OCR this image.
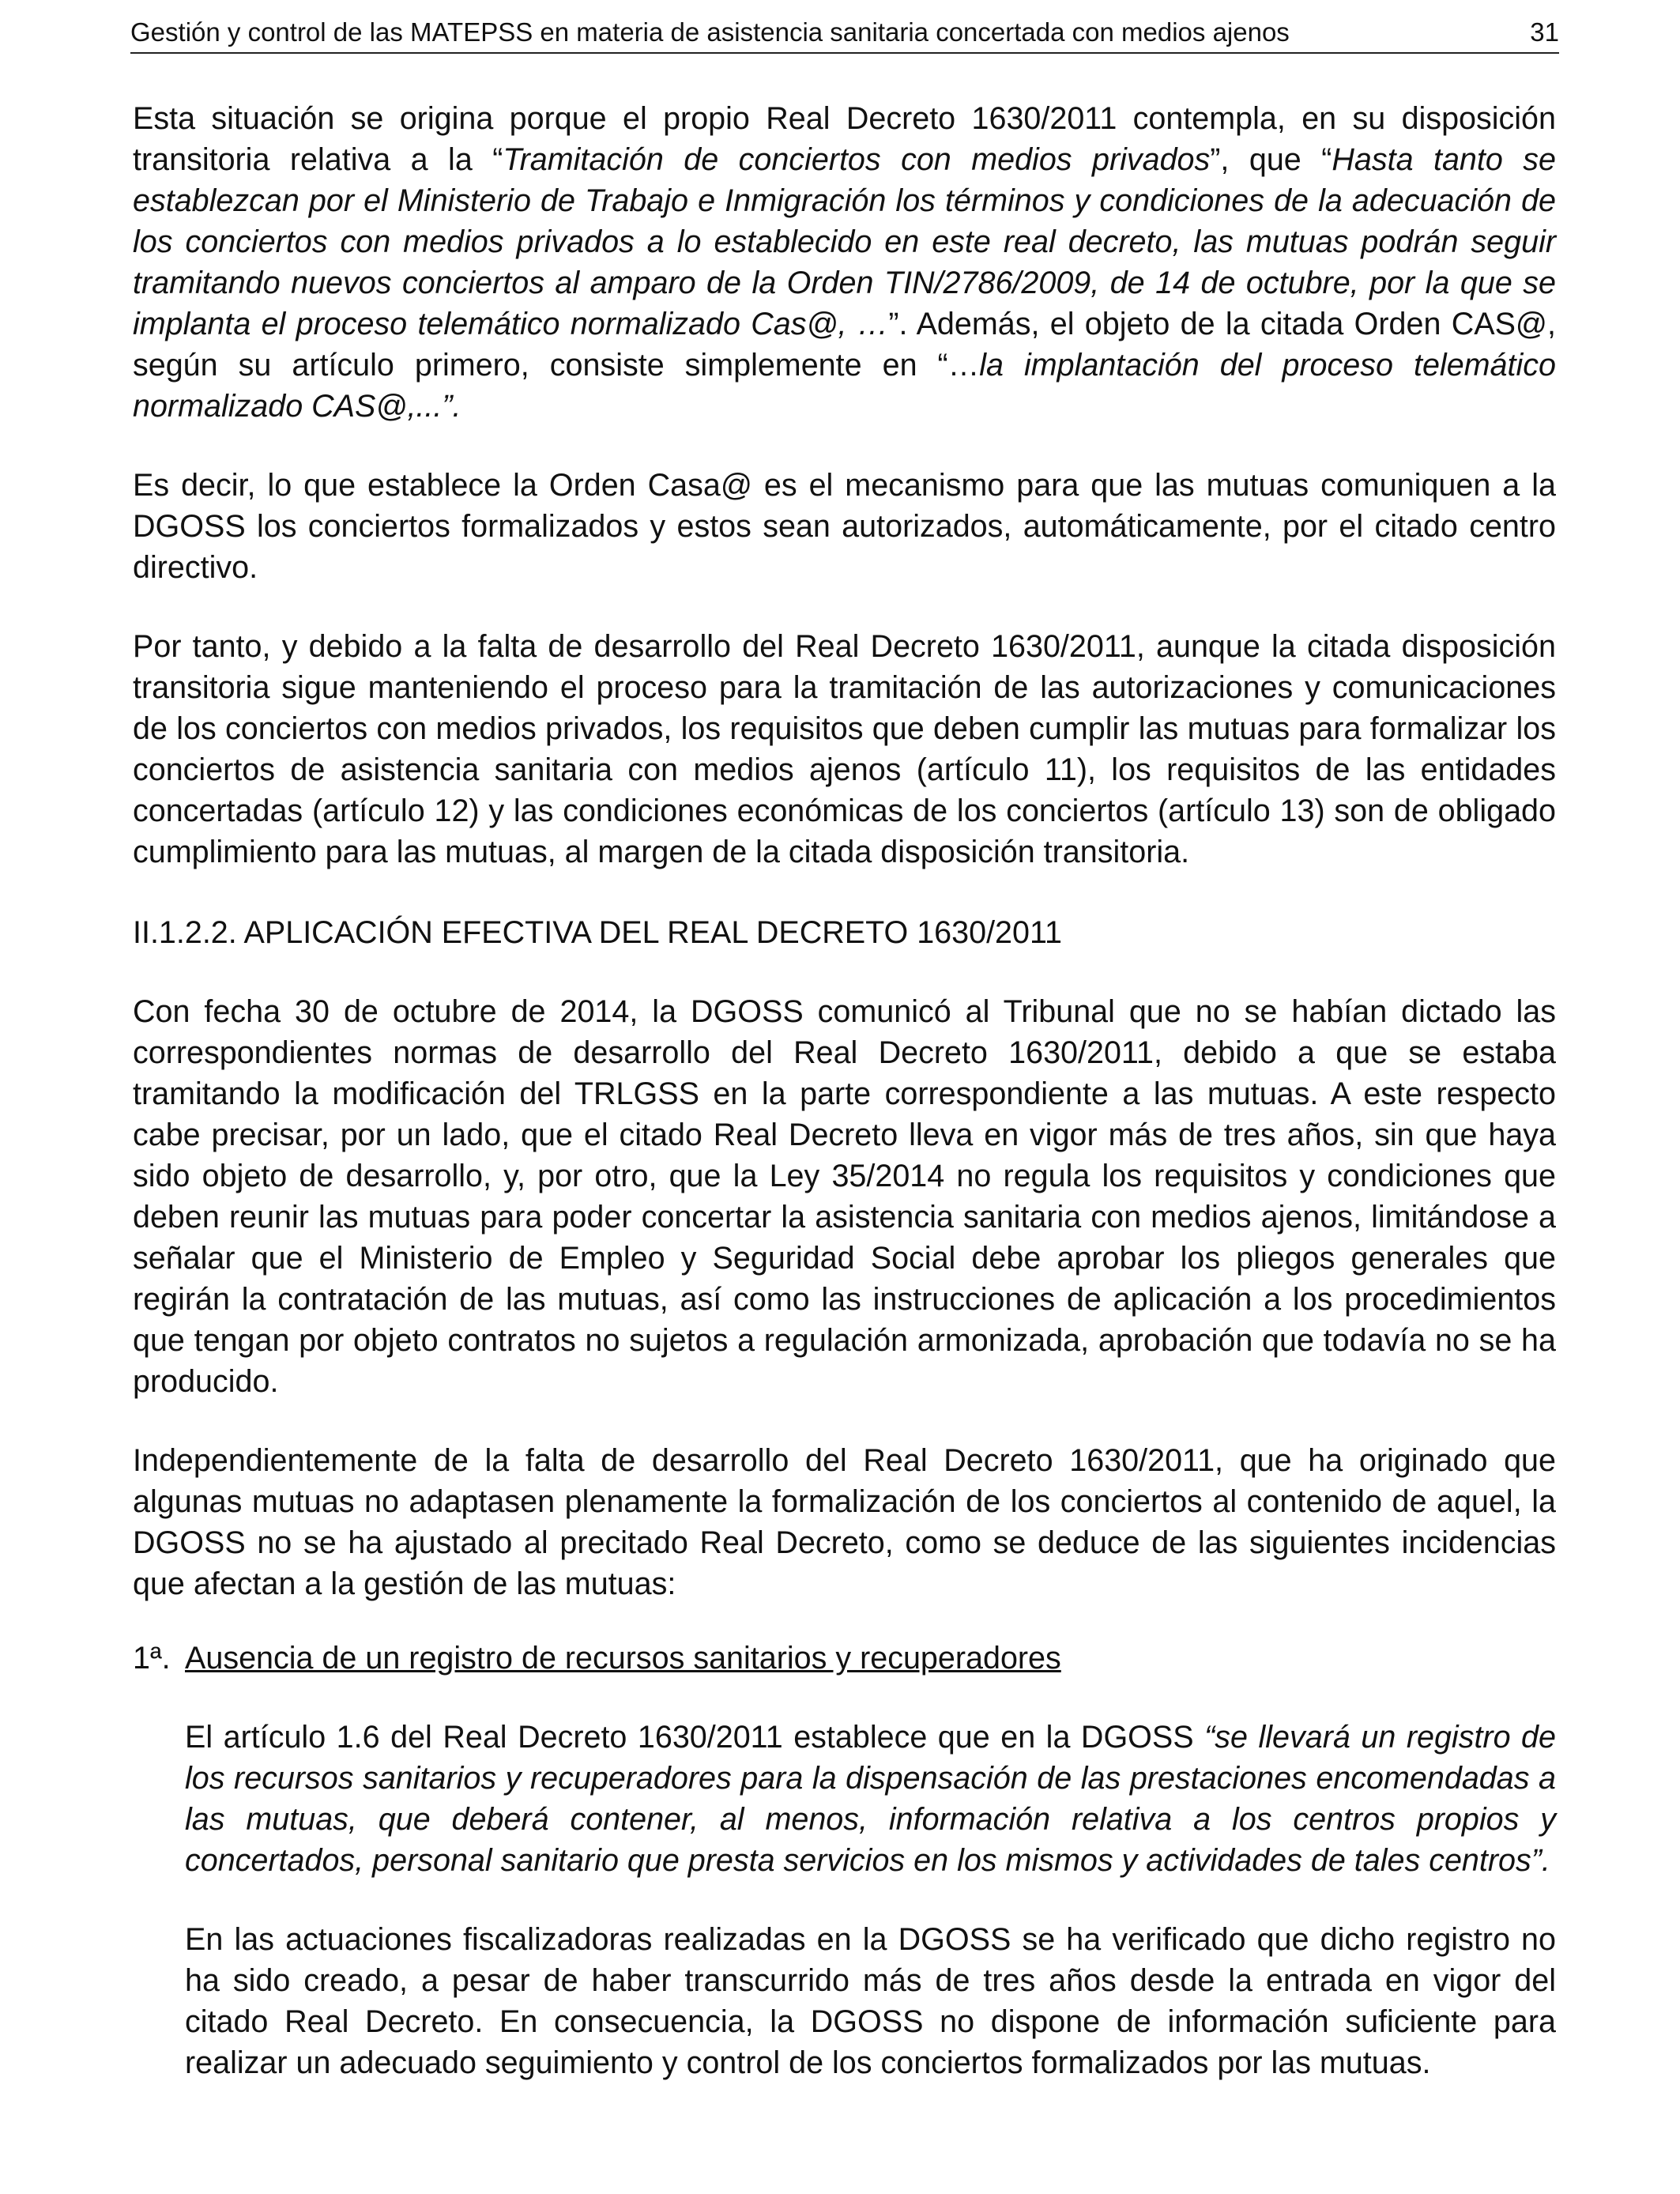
Gestión y control de las MATEPSS en materia de asistencia sanitaria concertada con medios ajenos	31

Esta situación se origina porque el propio Real Decreto 1630/2011 contempla, en su disposición transitoria relativa a la “Tramitación de conciertos con medios privados”, que “Hasta tanto se establezcan por el Ministerio de Trabajo e Inmigración los términos y condiciones de la adecuación de los conciertos con medios privados a lo establecido en este real decreto, las mutuas podrán seguir tramitando nuevos conciertos al amparo de la Orden TIN/2786/2009, de 14 de octubre, por la que se implanta el proceso telemático normalizado Cas@, …”. Además, el objeto de la citada Orden CAS@, según su artículo primero, consiste simplemente en “…la implantación del proceso telemático normalizado CAS@,...”.

Es decir, lo que establece la Orden Casa@ es el mecanismo para que las mutuas comuniquen a la DGOSS los conciertos formalizados y estos sean autorizados, automáticamente, por el citado centro directivo.

Por tanto, y debido a la falta de desarrollo del Real Decreto 1630/2011, aunque la citada disposición transitoria sigue manteniendo el proceso para la tramitación de las autorizaciones y comunicaciones de los conciertos con medios privados, los requisitos que deben cumplir las mutuas para formalizar los conciertos de asistencia sanitaria con medios ajenos (artículo 11), los requisitos de las entidades concertadas (artículo 12) y las condiciones económicas de los conciertos (artículo 13) son de obligado cumplimiento para las mutuas, al margen de la citada disposición transitoria.

II.1.2.2. APLICACIÓN EFECTIVA DEL REAL DECRETO 1630/2011

Con fecha 30 de octubre de 2014, la DGOSS comunicó al Tribunal que no se habían dictado las correspondientes normas de desarrollo del Real Decreto 1630/2011, debido a que se estaba tramitando la modificación del TRLGSS en la parte correspondiente a las mutuas. A este respecto cabe precisar, por un lado, que el citado Real Decreto lleva en vigor más de tres años, sin que haya sido objeto de desarrollo, y, por otro, que la Ley 35/2014 no regula los requisitos y condiciones que deben reunir las mutuas para poder concertar la asistencia sanitaria con medios ajenos, limitándose a señalar que el Ministerio de Empleo y Seguridad Social debe aprobar los pliegos generales que regirán la contratación de las mutuas, así como las instrucciones de aplicación a los procedimientos que tengan por objeto contratos no sujetos a regulación armonizada, aprobación que todavía no se ha producido.

Independientemente de la falta de desarrollo del Real Decreto 1630/2011, que ha originado que algunas mutuas no adaptasen plenamente la formalización de los conciertos al contenido de aquel, la DGOSS no se ha ajustado al precitado Real Decreto, como se deduce de las siguientes incidencias que afectan a la gestión de las mutuas:

1ª. Ausencia de un registro de recursos sanitarios y recuperadores

El artículo 1.6 del Real Decreto 1630/2011 establece que en la DGOSS “se llevará un registro de los recursos sanitarios y recuperadores para la dispensación de las prestaciones encomendadas a las mutuas, que deberá contener, al menos, información relativa a los centros propios y concertados, personal sanitario que presta servicios en los mismos y actividades de tales centros”.

En las actuaciones fiscalizadoras realizadas en la DGOSS se ha verificado que dicho registro no ha sido creado, a pesar de haber transcurrido más de tres años desde la entrada en vigor del citado Real Decreto. En consecuencia, la DGOSS no dispone de información suficiente para realizar un adecuado seguimiento y control de los conciertos formalizados por las mutuas.
